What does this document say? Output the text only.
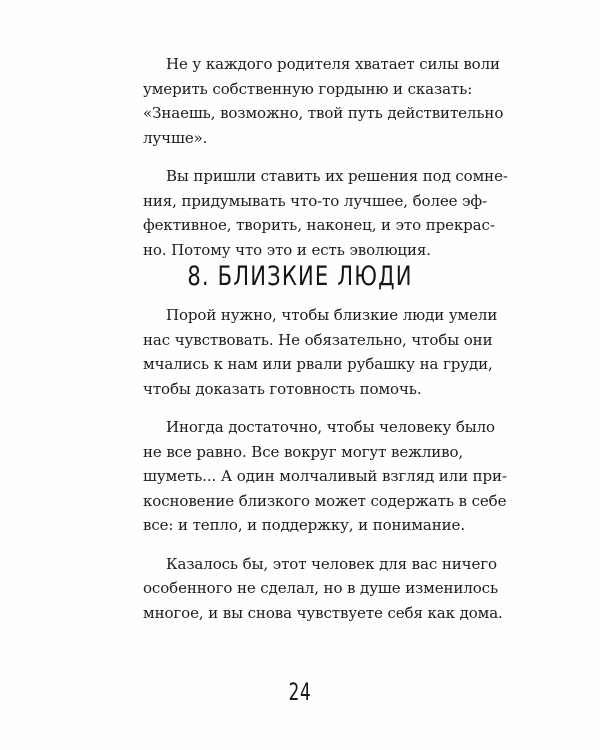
Не у каждого родителя хватает силы воли

умерить собственную гордыню и сказать:

«Знаешь, возможно, твой путь действительно

лучше».

Вы пришли ставить их решения под сомне-

ния, придумывать что-то лучшее, более эф-

фективное, творить, наконец, и это прекрас-

но. Потому что это и есть эволюция.

8. БЛИЗКИЕ ЛЮДИ

Порой нужно, чтобы близкие люди умели

нас чувствовать. Не обязательно, чтобы они

мчались к нам или рвали рубашку на груди,

чтобы доказать готовность помочь.

Иногда достаточно, чтобы человеку было

не все равно. Все вокруг могут вежливо,

шуметь... А один молчаливый взгляд или при-

косновение близкого может содержать в себе

все: и тепло, и поддержку, и понимание.

Казалось бы, этот человек для вас ничего

особенного не сделал, но в душе изменилось

многое, и вы снова чувствуете себя как дома.

24
